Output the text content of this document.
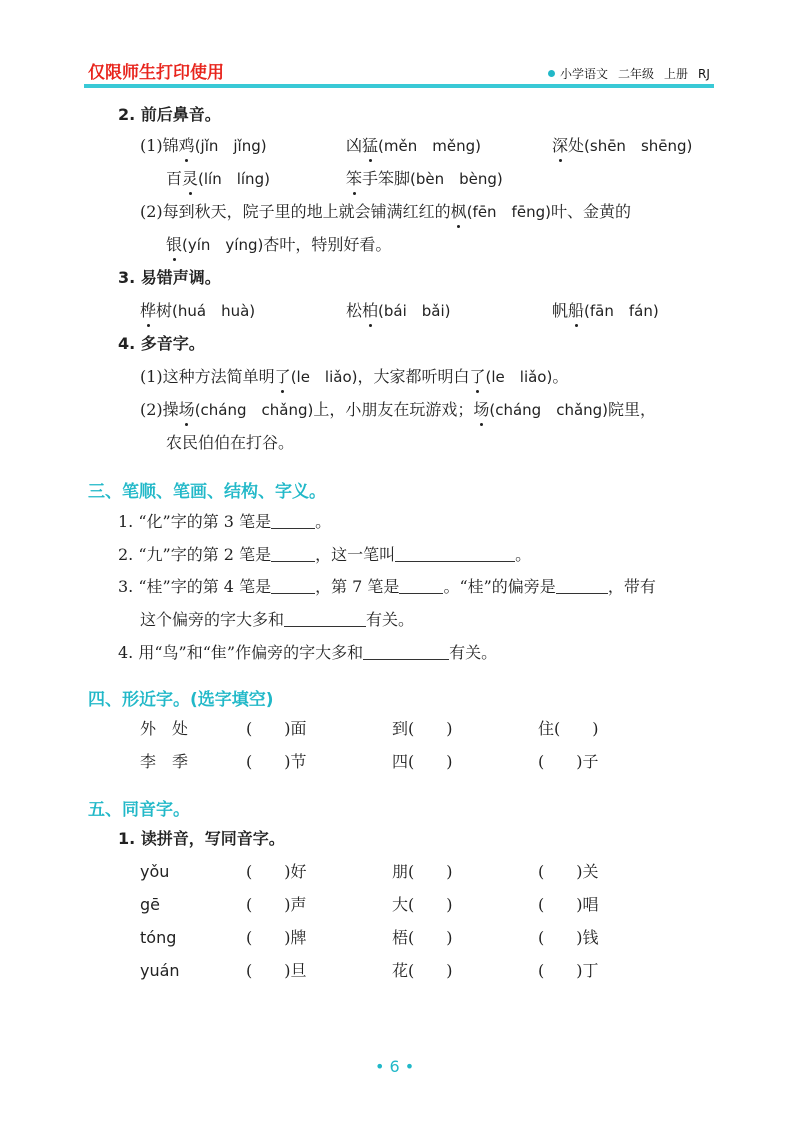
仅限师生打印使用	小学语文 二年级 上册 RJ
2. 前后鼻音。
(1)锦鸡(jǐn　jǐng)	凶猛(měn　měng)	深处(shēn　shēng)
百灵(lín　líng)	笨手笨脚(bèn　bèng)
(2)每到秋天，院子里的地上就会铺满红红的枫(fēn　fēng)叶、金黄的
银(yín　yíng)杏叶，特别好看。
3. 易错声调。
桦树(huá　huà)	松柏(bái　bǎi)	帆船(fān　fán)
4. 多音字。
(1)这种方法简单明了(le　liǎo)，大家都听明白了(le　liǎo)。
(2)操场(cháng　chǎng)上，小朋友在玩游戏；场(cháng　chǎng)院里，
农民伯伯在打谷。
三、笔顺、笔画、结构、字义。
1. “化”字的第 3 笔是	。
2. “九”字的第 2 笔是	，这一笔叫	。
3. “桂”字的第 4 笔是	，第 7 笔是	。“桂”的偏旁是	，带有
这个偏旁的字大多和	有关。
4. 用“鸟”和“隹”作偏旁的字大多和	有关。
四、形近字。(选字填空)
外　处	(　　)面	到(　　)	住(　　)
李　季	(　　)节	四(　　)	(　　)子
五、同音字。
1. 读拼音，写同音字。
yǒu	(　　)好	朋(　　)	(　　)关
gē	(　　)声	大(　　)	(　　)唱
tóng	(　　)牌	梧(　　)	(　　)钱
yuán	(　　)旦	花(　　)	(　　)丁
• 6 •
